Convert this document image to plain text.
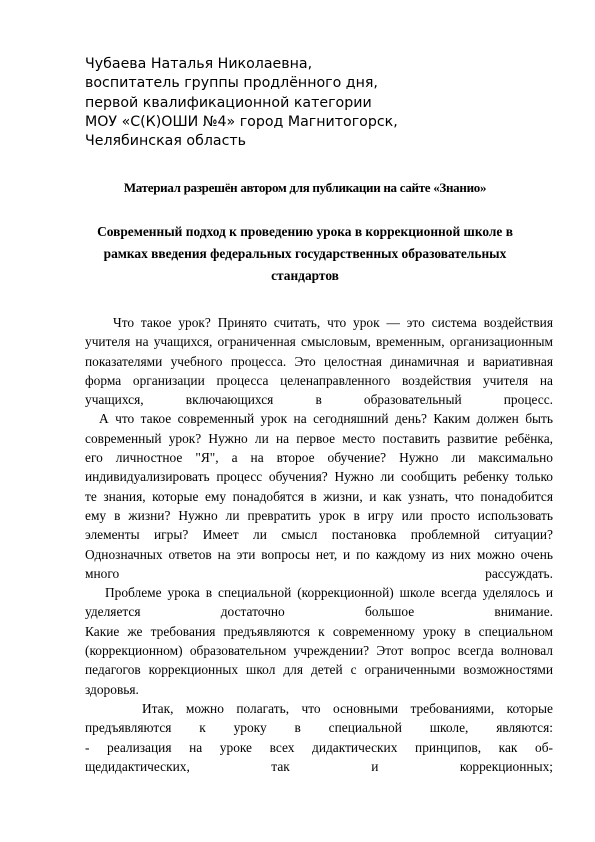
Чубаева Наталья Николаевна,
воспитатель группы продлённого дня,
первой квалификационной категории
МОУ «С(К)ОШИ №4» город Магнитогорск,
Челябинская область
Материал разрешён автором для публикации на сайте «Знанио»
Современный подход к проведению урока в коррекционной школе в
рамках введения федеральных государственных образовательных
стандартов
Что такое урок? Принято считать, что урок — это система воздействия
учителя на учащихся, ограниченная смысловым, временным, организационным
показателями учебного процесса. Это целостная динамичная и вариативная
форма организации процесса целенаправленного воздействия учителя на
учащихся, включающихся в образовательный процесс.
А что такое современный урок на сегодняшний день? Каким должен быть
современный урок? Нужно ли на первое место поставить развитие ребёнка,
его личностное "Я", а на второе обучение? Нужно ли максимально
индивидуализировать процесс обучения? Нужно ли сообщить ребенку только
те знания, которые ему понадобятся в жизни, и как узнать, что понадобится
ему в жизни? Нужно ли превратить урок в игру или просто использовать
элементы игры? Имеет ли смысл постановка проблемной ситуации?
Однозначных ответов на эти вопросы нет, и по каждому из них можно очень
много рассуждать.
Проблеме урока в специальной (коррекционной) школе всегда уделялось и
уделяется достаточно большое внимание.
Какие же требования предъявляются к современному уроку в специальном
(коррекционном) образовательном учреждении? Этот вопрос всегда волновал
педагогов коррекционных школ для детей с ограниченными возможностями
здоровья.
Итак, можно полагать, что основными требованиями, которые
предъявляются к уроку в специальной школе, являются:
- реализация на уроке всех дидактических принципов, как об-
щедидактических, так и коррекционных;
